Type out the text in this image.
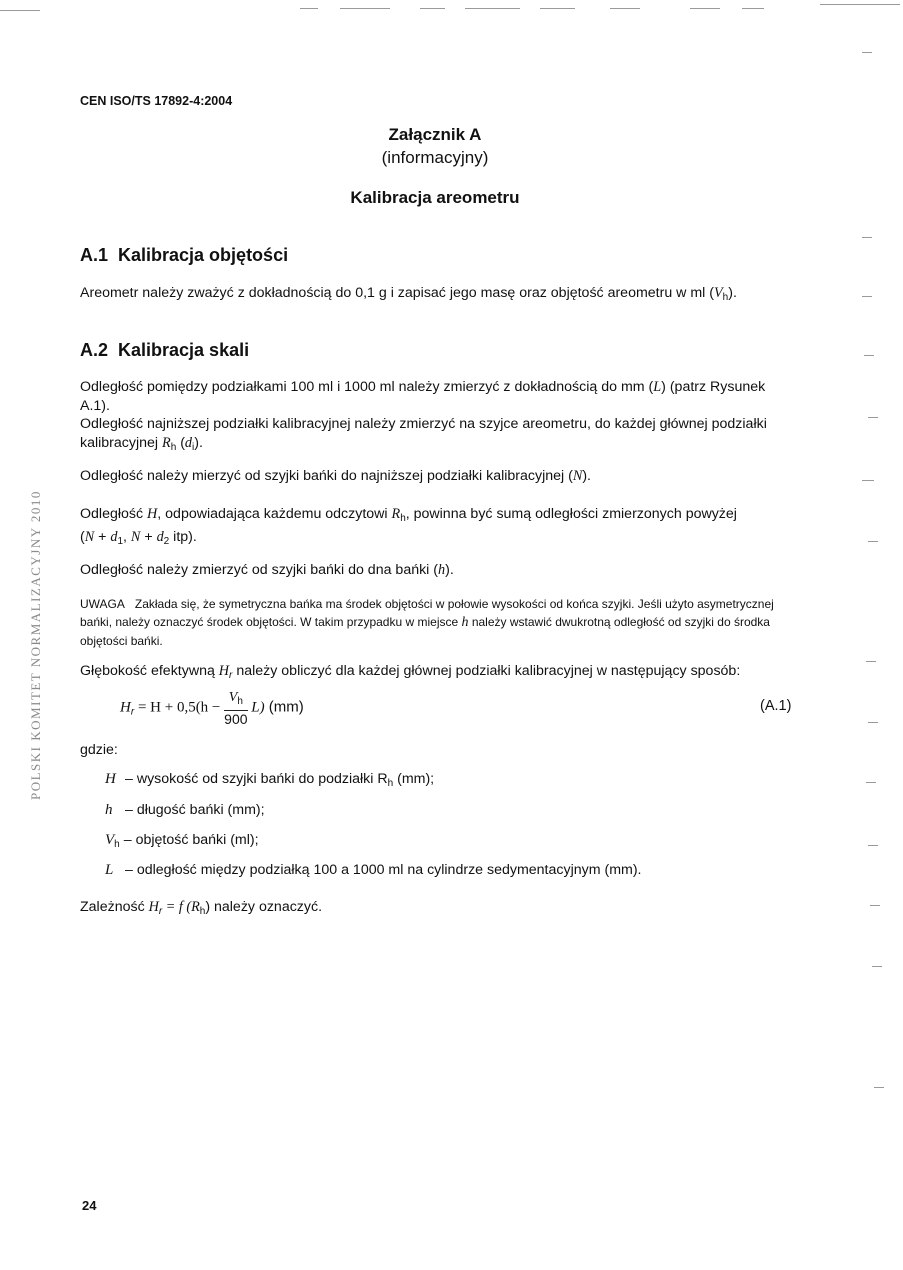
CEN ISO/TS 17892-4:2004
Załącznik A
(informacyjny)
Kalibracja areometru
A.1 Kalibracja objętości
Areometr należy zważyć z dokładnością do 0,1 g i zapisać jego masę oraz objętość areometru w ml $(V_h)$.
A.2 Kalibracja skali
Odległość pomiędzy podziałkami 100 ml i 1000 ml należy zmierzyć z dokładnością do mm (L) (patrz Rysunek A.1).
Odległość najniższej podziałki kalibracyjnej należy zmierzyć na szyjce areometru, do każdej głównej podziałki kalibracyjnej $R_h$ $(d_i)$.
Odległość należy mierzyć od szyjki bańki do najniższej podziałki kalibracyjnej (N).
Odległość H, odpowiadająca każdemu odczytowi $R_h$, powinna być sumą odległości zmierzonych powyżej
($N + d_1$, $N + d_2$ itp).
Odległość należy zmierzyć od szyjki bańki do dna bańki (h).
UWAGA Zakłada się, że symetryczna bańka ma środek objętości w połowie wysokości od końca szyjki. Jeśli użyto asymetrycznej bańki, należy oznaczyć środek objętości. W takim przypadku w miejsce h należy wstawić dwukrotną odległość od szyjki do środka objętości bańki.
Głębokość efektywną $H_r$ należy obliczyć dla każdej głównej podziałki kalibracyjnej w następujący sposób:
$H_r = H + 0,5(h - \frac{V_h}{900} L)$ (mm)	(A.1)
gdzie:
H – wysokość od szyjki bańki do podziałki $R_h$ (mm);
h – długość bańki (mm);
$V_h$ – objętość bańki (ml);
L – odległość między podziałką 100 a 1000 ml na cylindrze sedymentacyjnym (mm).
Zależność $H_r = f$ $(R_h)$ należy oznaczyć.
POLSKI KOMITET NORMALIZACYJNY 2010
24
